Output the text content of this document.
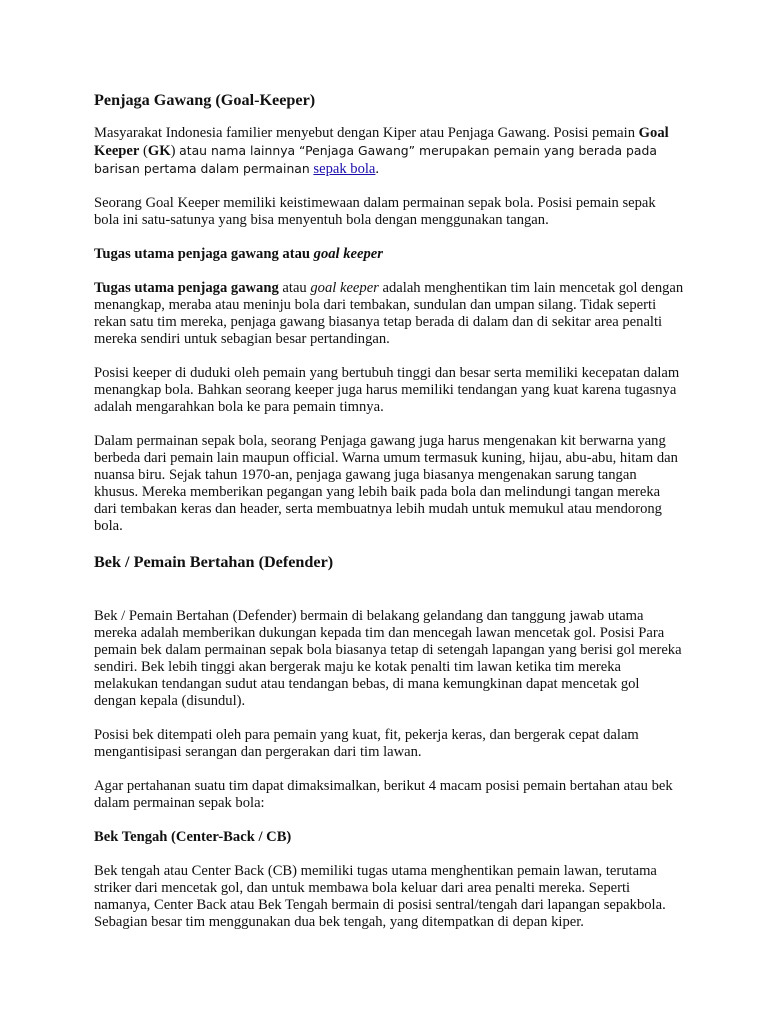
Penjaga Gawang (Goal-Keeper)

Masyarakat Indonesia familier menyebut dengan Kiper atau Penjaga Gawang. Posisi pemain Goal Keeper (GK) atau nama lainnya “Penjaga Gawang” merupakan pemain yang berada pada barisan pertama dalam permainan sepak bola.

Seorang Goal Keeper memiliki keistimewaan dalam permainan sepak bola. Posisi pemain sepak bola ini satu-satunya yang bisa menyentuh bola dengan menggunakan tangan.

Tugas utama penjaga gawang atau goal keeper

Tugas utama penjaga gawang atau goal keeper adalah menghentikan tim lain mencetak gol dengan menangkap, meraba atau meninju bola dari tembakan, sundulan dan umpan silang. Tidak seperti rekan satu tim mereka, penjaga gawang biasanya tetap berada di dalam dan di sekitar area penalti mereka sendiri untuk sebagian besar pertandingan.

Posisi keeper di duduki oleh pemain yang bertubuh tinggi dan besar serta memiliki kecepatan dalam menangkap bola. Bahkan seorang keeper juga harus memiliki tendangan yang kuat karena tugasnya adalah mengarahkan bola ke para pemain timnya.

Dalam permainan sepak bola, seorang Penjaga gawang juga harus mengenakan kit berwarna yang berbeda dari pemain lain maupun official. Warna umum termasuk kuning, hijau, abu-abu, hitam dan nuansa biru. Sejak tahun 1970-an, penjaga gawang juga biasanya mengenakan sarung tangan khusus. Mereka memberikan pegangan yang lebih baik pada bola dan melindungi tangan mereka dari tembakan keras dan header, serta membuatnya lebih mudah untuk memukul atau mendorong bola.

Bek / Pemain Bertahan (Defender)

Bek / Pemain Bertahan (Defender) bermain di belakang gelandang dan tanggung jawab utama mereka adalah memberikan dukungan kepada tim dan mencegah lawan mencetak gol. Posisi Para pemain bek dalam permainan sepak bola biasanya tetap di setengah lapangan yang berisi gol mereka sendiri. Bek lebih tinggi akan bergerak maju ke kotak penalti tim lawan ketika tim mereka melakukan tendangan sudut atau tendangan bebas, di mana kemungkinan dapat mencetak gol dengan kepala (disundul).

Posisi bek ditempati oleh para pemain yang kuat, fit, pekerja keras, dan bergerak cepat dalam mengantisipasi serangan dan pergerakan dari tim lawan.

Agar pertahanan suatu tim dapat dimaksimalkan, berikut 4 macam posisi pemain bertahan atau bek dalam permainan sepak bola:

Bek Tengah (Center-Back / CB)

Bek tengah atau Center Back (CB) memiliki tugas utama menghentikan pemain lawan, terutama striker dari mencetak gol, dan untuk membawa bola keluar dari area penalti mereka. Seperti namanya, Center Back atau Bek Tengah bermain di posisi sentral/tengah dari lapangan sepakbola. Sebagian besar tim menggunakan dua bek tengah, yang ditempatkan di depan kiper.
